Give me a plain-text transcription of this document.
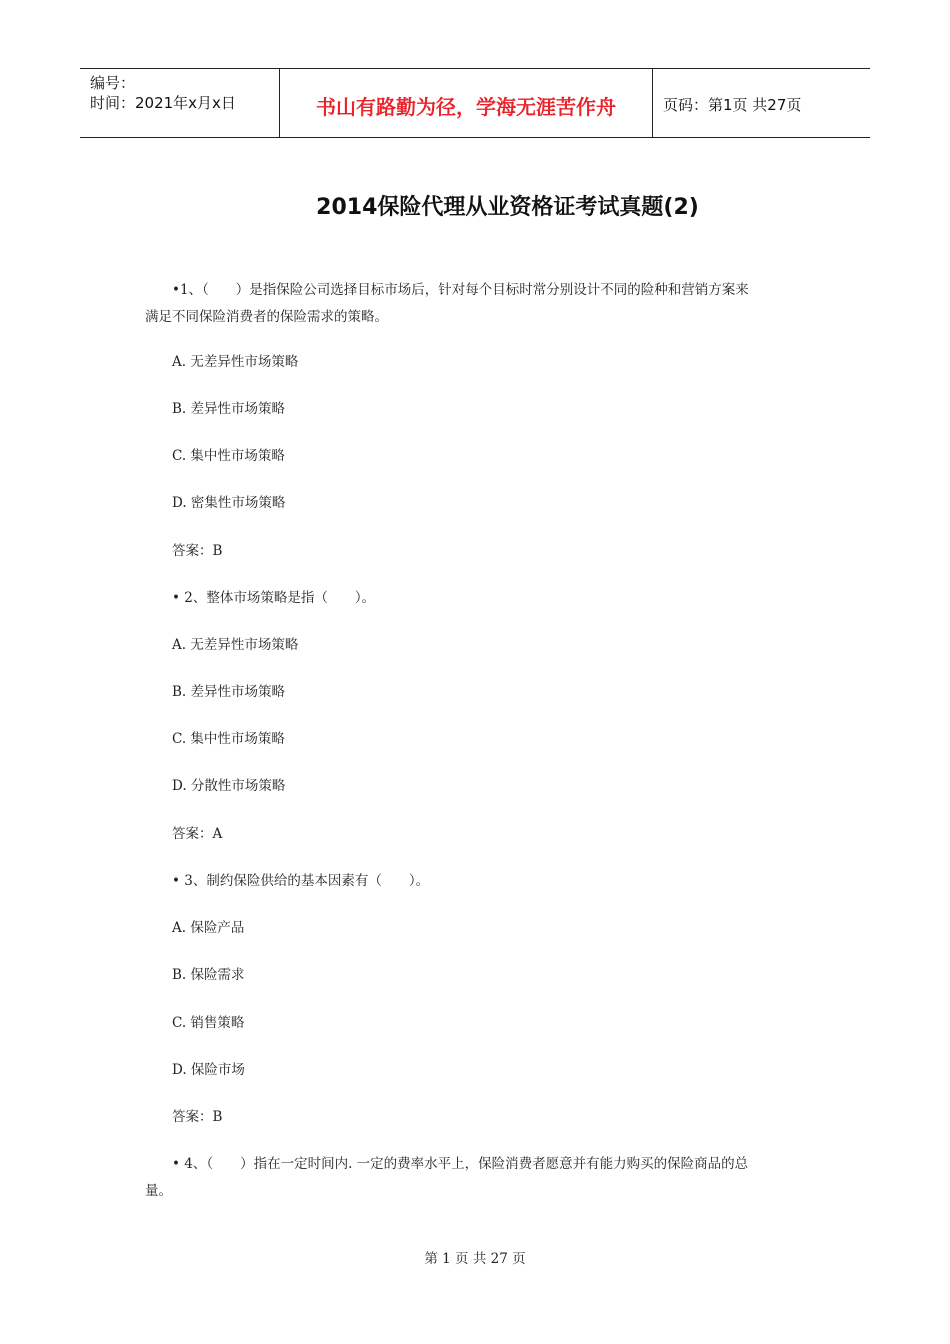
编号：
时间：2021年x月x日	书山有路勤为径，学海无涯苦作舟	页码：第1页 共27页
2014保险代理从业资格证考试真题(2)
•1、（　　）是指保险公司选择目标市场后，针对每个目标时常分别设计不同的险种和营销方案来
满足不同保险消费者的保险需求的策略。
A. 无差异性市场策略
B. 差异性市场策略
C. 集中性市场策略
D. 密集性市场策略
答案：B
• 2、整体市场策略是指（　　）。
A. 无差异性市场策略
B. 差异性市场策略
C. 集中性市场策略
D. 分散性市场策略
答案：A
• 3、制约保险供给的基本因素有（　　）。
A. 保险产品
B. 保险需求
C. 销售策略
D. 保险市场
答案：B
• 4、（　　）指在一定时间内. 一定的费率水平上，保险消费者愿意并有能力购买的保险商品的总
量。
第 1 页 共 27 页
